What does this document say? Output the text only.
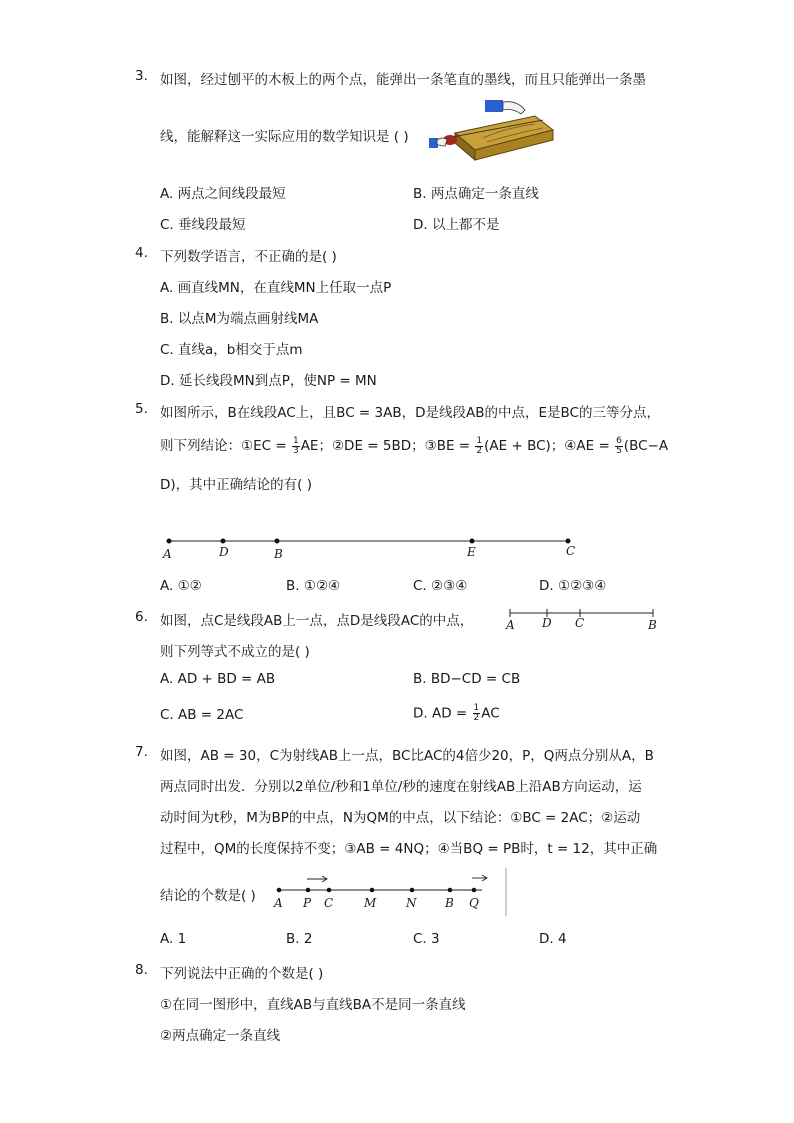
3. 如图，经过刨平的木板上的两个点，能弹出一条笔直的墨线，而且只能弹出一条墨
线，能解释这一实际应用的数学知识是 ( )
A. 两点之间线段最短	B. 两点确定一条直线
C. 垂线段最短	D. 以上都不是
4. 下列数学语言，不正确的是( )
A. 画直线MN，在直线MN上任取一点P
B. 以点M为端点画射线MA
C. 直线a，b相交于点m
D. 延长线段MN到点P，使NP = MN
5. 如图所示，B在线段AC上，且BC = 3AB，D是线段AB的中点，E是BC的三等分点，
则下列结论：①EC = $\frac{1}{3}$ AE；②DE = 5BD；③BE = $\frac{1}{2} (AE + BC)$；④AE = $\frac{6}{5} (BC-A$
D)，其中正确结论的有( )
A	D	B	E	C
A. ①②	B. ①②④	C. ②③④	D. ①②③④
6. 如图，点C是线段AB上一点，点D是线段AC的中点，
则下列等式不成立的是( )
A D C	B
A. AD + BD = AB	B. BD−CD = CB
C. AB = 2AC	D. AD = $\frac{1}{2}$ AC
7. 如图，AB = 30，C为射线AB上一点，BC比AC的4倍少20，P，Q两点分别从A，B
两点同时出发．分别以2单位/秒和1单位/秒的速度在射线AB上沿AB方向运动，运
动时间为t秒，M为BP的中点，N为QM的中点，以下结论：①BC = 2AC；②运动
过程中，QM的长度保持不变；③AB = 4NQ；④当BQ = PB时，t = 12，其中正确
结论的个数是( ) A P C	M N B Q
A. 1	B. 2	C. 3	D. 4
8. 下列说法中正确的个数是( )
①在同一图形中，直线AB与直线BA不是同一条直线
②两点确定一条直线
